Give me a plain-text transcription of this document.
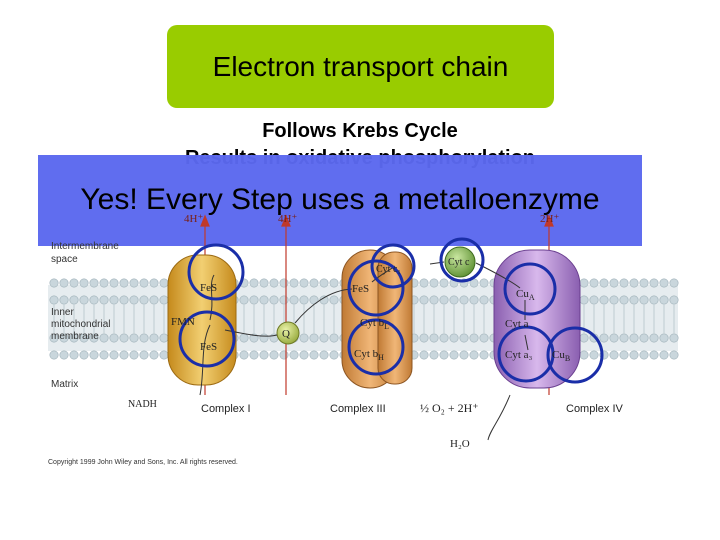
Electron transport chain
Follows Krebs Cycle
Intermembrane space
Inner mitochondrial membrane
Matrix
4H⁺	4H⁺	2H⁺
FeS
FMN
FeS
NADH
Q
Cyt c₁
FeS
Cyt $b_L$
Cyt $b_H$
Cyt c
$Cu_A$
Cyt a
Cyt a₃ $Cu_B$
Complex I	Complex III	Complex IV
½ O₂ + 2H⁺
H₂O
Yes! Every Step uses a metalloenzyme
Copyright 1999 John Wiley and Sons, Inc. All rights reserved.
